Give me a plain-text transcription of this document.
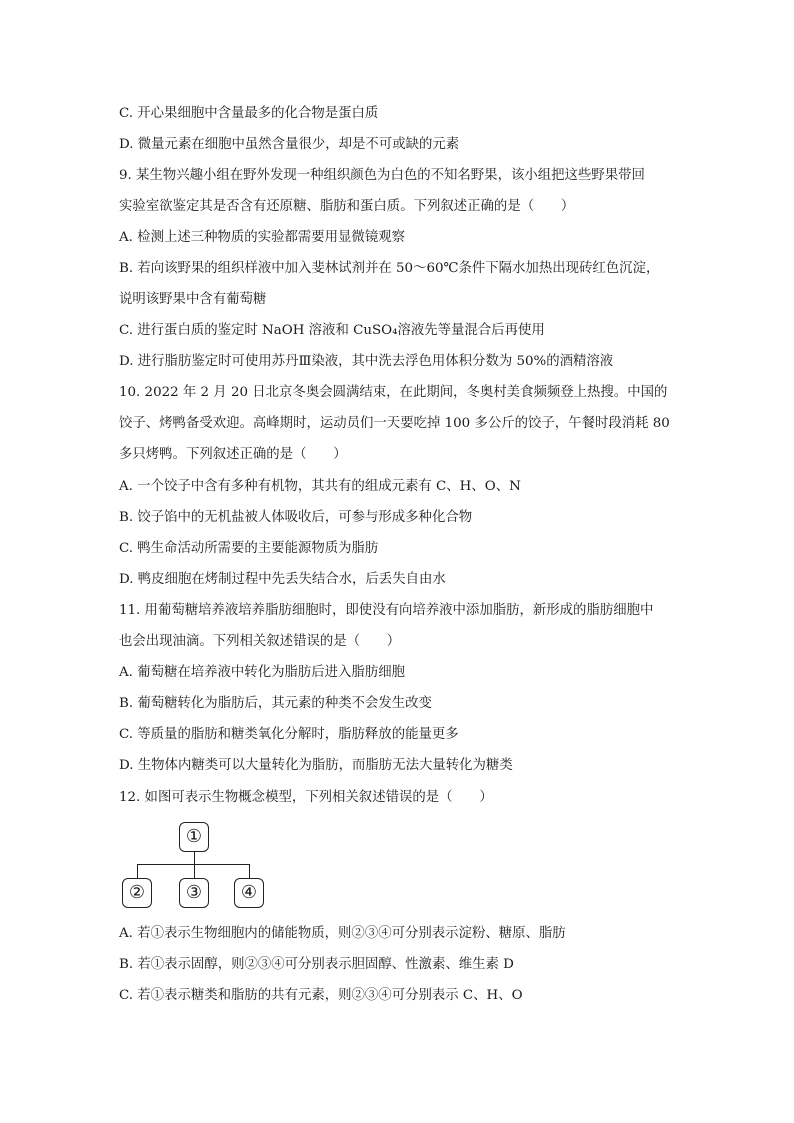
C. 开心果细胞中含量最多的化合物是蛋白质
D. 微量元素在细胞中虽然含量很少，却是不可或缺的元素
9. 某生物兴趣小组在野外发现一种组织颜色为白色的不知名野果，该小组把这些野果带回
实验室欲鉴定其是否含有还原糖、脂肪和蛋白质。下列叙述正确的是（　　）
A. 检测上述三种物质的实验都需要用显微镜观察
B. 若向该野果的组织样液中加入斐林试剂并在 50～60℃条件下隔水加热出现砖红色沉淀，
说明该野果中含有葡萄糖
C. 进行蛋白质的鉴定时 NaOH 溶液和 CuSO₄溶液先等量混合后再使用
D. 进行脂肪鉴定时可使用苏丹Ⅲ染液，其中洗去浮色用体积分数为 50%的酒精溶液
10. 2022 年 2 月 20 日北京冬奥会圆满结束，在此期间，冬奥村美食频频登上热搜。中国的
饺子、烤鸭备受欢迎。高峰期时，运动员们一天要吃掉 100 多公斤的饺子，午餐时段消耗 80
多只烤鸭。下列叙述正确的是（　　）
A. 一个饺子中含有多种有机物，其共有的组成元素有 C、H、O、N
B. 饺子馅中的无机盐被人体吸收后，可参与形成多种化合物
C. 鸭生命活动所需要的主要能源物质为脂肪
D. 鸭皮细胞在烤制过程中先丢失结合水，后丢失自由水
11. 用葡萄糖培养液培养脂肪细胞时，即使没有向培养液中添加脂肪，新形成的脂肪细胞中
也会出现油滴。下列相关叙述错误的是（　　）
A. 葡萄糖在培养液中转化为脂肪后进入脂肪细胞
B. 葡萄糖转化为脂肪后，其元素的种类不会发生改变
C. 等质量的脂肪和糖类氧化分解时，脂肪释放的能量更多
D. 生物体内糖类可以大量转化为脂肪，而脂肪无法大量转化为糖类
12. 如图可表示生物概念模型，下列相关叙述错误的是（　　）
①
②	③	④
A. 若①表示生物细胞内的储能物质，则②③④可分别表示淀粉、糖原、脂肪
B. 若①表示固醇，则②③④可分别表示胆固醇、性激素、维生素 D
C. 若①表示糖类和脂肪的共有元素，则②③④可分别表示 C、H、O
